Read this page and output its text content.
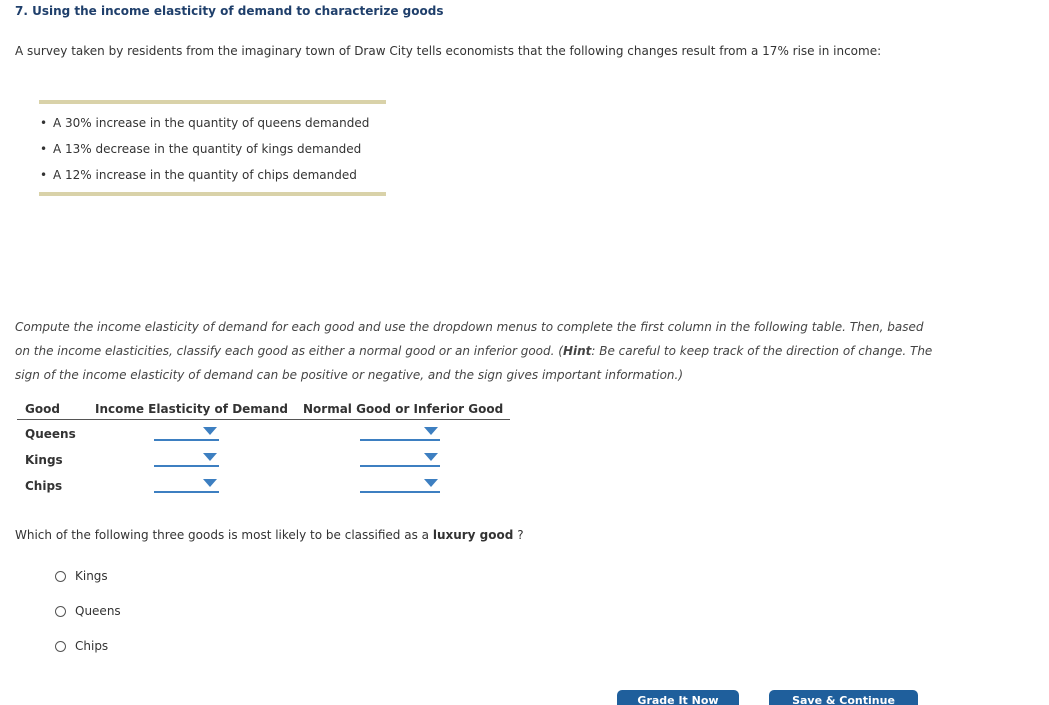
7. Using the income elasticity of demand to characterize goods
A survey taken by residents from the imaginary town of Draw City tells economists that the following changes result from a 17% rise in income:
• A 30% increase in the quantity of queens demanded
• A 13% decrease in the quantity of kings demanded
• A 12% increase in the quantity of chips demanded
Compute the income elasticity of demand for each good and use the dropdown menus to complete the first column in the following table. Then, based on the income elasticities, classify each good as either a normal good or an inferior good. (Hint: Be careful to keep track of the direction of change. The sign of the income elasticity of demand can be positive or negative, and the sign gives important information.)
Good	Income Elasticity of Demand Normal Good or Inferior Good
Queens
Kings
Chips
Which of the following three goods is most likely to be classified as a luxury good ?
Kings
Queens
Chips
Grade It Now	Save & Continue
